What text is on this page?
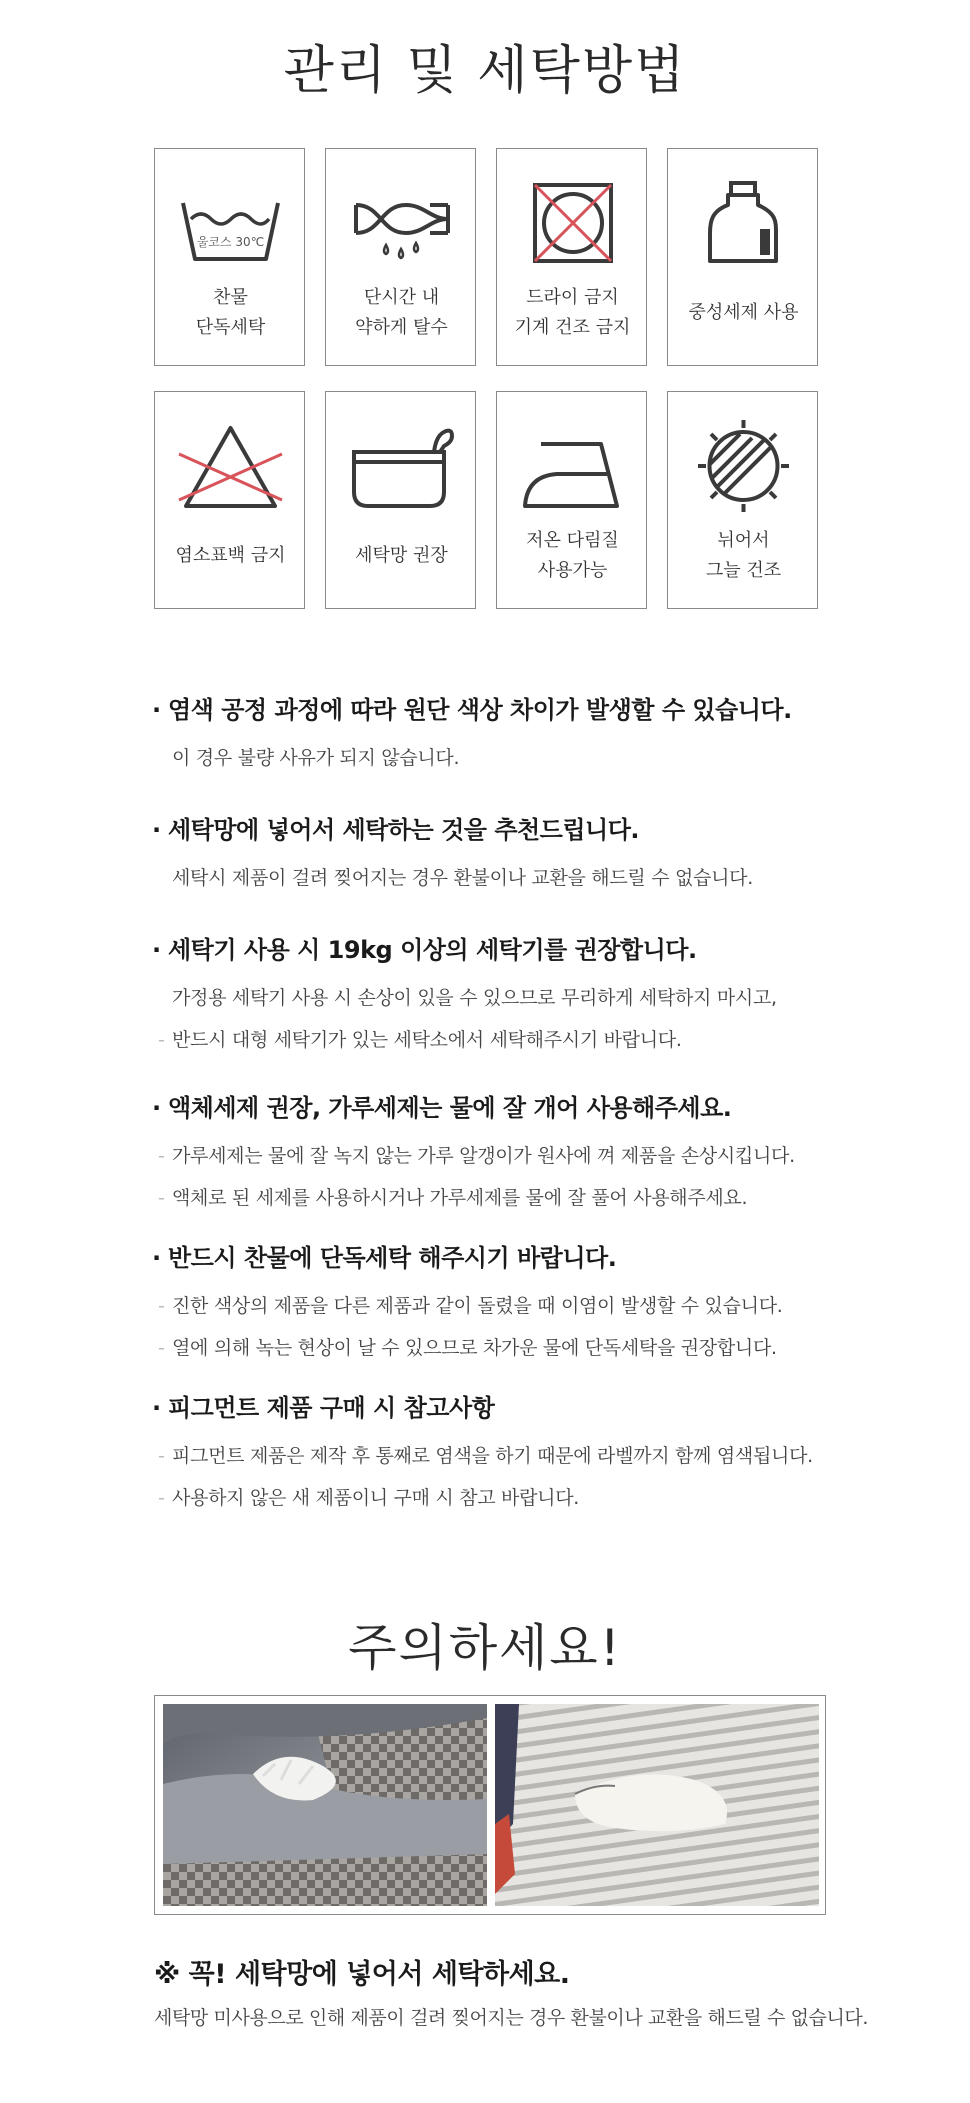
관리 및 세탁방법
울코스 30℃
찬물
단독세탁
단시간 내
약하게 탈수
드라이 금지
기계 건조 금지
중성세제 사용
염소표백 금지	세탁망 권장
저온 다림질
사용가능
뉘어서
그늘 건조
· 염색 공정 과정에 따라 원단 색상 차이가 발생할 수 있습니다.
이 경우 불량 사유가 되지 않습니다.
· 세탁망에 넣어서 세탁하는 것을 추천드립니다.
세탁시 제품이 걸려 찢어지는 경우 환불이나 교환을 해드릴 수 없습니다.
· 세탁기 사용 시 19kg 이상의 세탁기를 권장합니다.
가정용 세탁기 사용 시 손상이 있을 수 있으므로 무리하게 세탁하지 마시고,
- 반드시 대형 세탁기가 있는 세탁소에서 세탁해주시기 바랍니다.
· 액체세제 권장, 가루세제는 물에 잘 개어 사용해주세요.
- 가루세제는 물에 잘 녹지 않는 가루 알갱이가 원사에 껴 제품을 손상시킵니다.
- 액체로 된 세제를 사용하시거나 가루세제를 물에 잘 풀어 사용해주세요.
· 반드시 찬물에 단독세탁 해주시기 바랍니다.
- 진한 색상의 제품을 다른 제품과 같이 돌렸을 때 이염이 발생할 수 있습니다.
- 열에 의해 녹는 현상이 날 수 있으므로 차가운 물에 단독세탁을 권장합니다.
· 피그먼트 제품 구매 시 참고사항
- 피그먼트 제품은 제작 후 통째로 염색을 하기 때문에 라벨까지 함께 염색됩니다.
- 사용하지 않은 새 제품이니 구매 시 참고 바랍니다.
주의하세요!
※ 꼭! 세탁망에 넣어서 세탁하세요.
세탁망 미사용으로 인해 제품이 걸려 찢어지는 경우 환불이나 교환을 해드릴 수 없습니다.
